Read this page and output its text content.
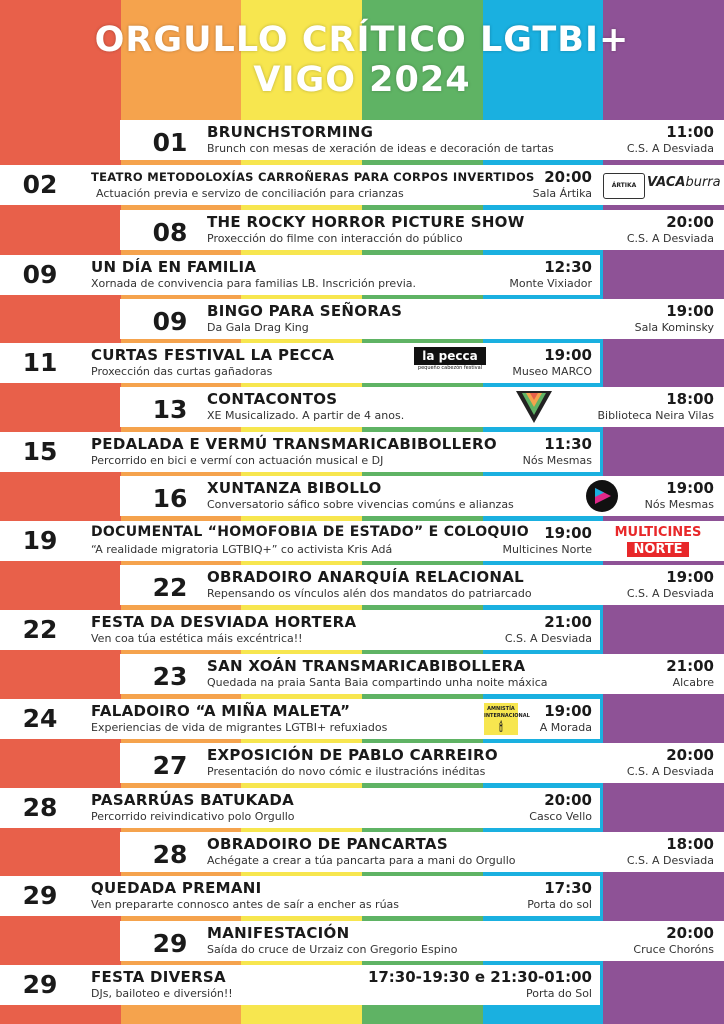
ORGULLO CRÍTICO LGTBI+
VIGO 2024
01	BRUNCHSTORMING
Brunch con mesas de xeración de ideas e decoración de tartas
11:00
C.S. A Desviada
02	TEATRO METODOLOXÍAS CARROÑERAS PARA CORPOS INVERTIDOS
Actuación previa e servizo de conciliación para crianzas
20:00
Sala Ártika
ÁRTIKA VACAburra
08	THE ROCKY HORROR PICTURE SHOW
Proxección do filme con interacción do público
20:00
C.S. A Desviada
09	UN DÍA EN FAMILIA
Xornada de convivencia para familias LB. Inscrición previa.
12:30
Monte Vixiador
09	BINGO PARA SEÑORAS
Da Gala Drag King
19:00
Sala Kominsky
11	CURTAS FESTIVAL LA PECCA
Proxección das curtas gañadoras
19:00
Museo MARCO
la pecca
pequeño cabezón festival
13	CONTACONTOS
XE Musicalizado. A partir de 4 anos.
18:00
Biblioteca Neira Vilas
15	PEDALADA E VERMÚ TRANSMARICABIBOLLERO
Percorrido en bici e vermí con actuación musical e DJ
11:30
Nós Mesmas
16	XUNTANZA BIBOLLO
Conversatorio sáfico sobre vivencias comúns e alianzas
19:00
Nós Mesmas
19	DOCUMENTAL “HOMOFOBIA DE ESTADO” E COLOQUIO
“A realidade migratoria LGTBIQ+” co activista Kris Adá
19:00
Multicines Norte
MULTICINES
NORTE
22	OBRADOIRO ANARQUÍA RELACIONAL
Repensando os vínculos alén dos mandatos do patriarcado
19:00
C.S. A Desviada
22	FESTA DA DESVIADA HORTERA
Ven coa túa estética máis excéntrica!!
21:00
C.S. A Desviada
23	SAN XOÁN TRANSMARICABIBOLLERA
Quedada na praia Santa Baia compartindo unha noite máxica
21:00
Alcabre
24	FALADOIRO “A MIÑA MALETA”
Experiencias de vida de migrantes LGTBI+ refuxiados
19:00
A Morada
AMNISTÍA
INTERNACIONAL
🕯
27	EXPOSICIÓN DE PABLO CARREIRO
Presentación do novo cómic e ilustracións inéditas
20:00
C.S. A Desviada
28	PASARRÚAS BATUKADA
Percorrido reivindicativo polo Orgullo
20:00
Casco Vello
28	OBRADOIRO DE PANCARTAS
Achégate a crear a túa pancarta para a mani do Orgullo
18:00
C.S. A Desviada
29	QUEDADA PREMANI
Ven prepararte connosco antes de saír a encher as rúas
17:30
Porta do sol
29	MANIFESTACIÓN
Saída do cruce de Urzaiz con Gregorio Espino
20:00
Cruce Choróns
29	FESTA DIVERSA
DJs, bailoteo e diversión!!
17:30-19:30 e 21:30-01:00
Porta do Sol
